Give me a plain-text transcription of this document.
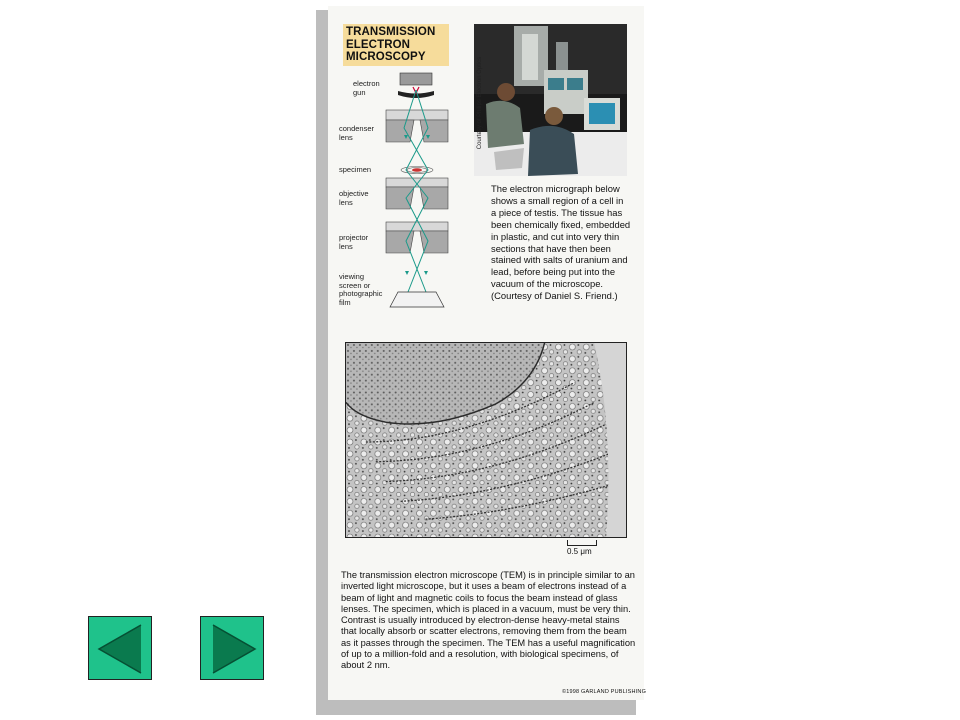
TRANSMISSION
ELECTRON
MICROSCOPY
electron
gun
condenser
lens
specimen
objective
lens
projector
lens
viewing
screen or
photographic
film
Courtesy of Philips Electron Optics
The electron micrograph below shows a small region of a cell in a piece of testis. The tissue has been chemically fixed, embedded in plastic, and cut into very thin sections that have then been stained with salts of uranium and lead, before being put into the vacuum of the microscope. (Courtesy of Daniel S. Friend.)
0.5 μm
The transmission electron microscope (TEM) is in principle similar to an inverted light microscope, but it uses a beam of electrons instead of a beam of light and magnetic coils to focus the beam instead of glass lenses. The specimen, which is placed in a vacuum, must be very thin. Contrast is usually introduced by electron-dense heavy-metal stains that locally absorb or scatter electrons, removing them from the beam as it passes through the specimen. The TEM has a useful magnification of up to a million-fold and a resolution, with biological specimens, of about 2 nm.
©1998 GARLAND PUBLISHING
